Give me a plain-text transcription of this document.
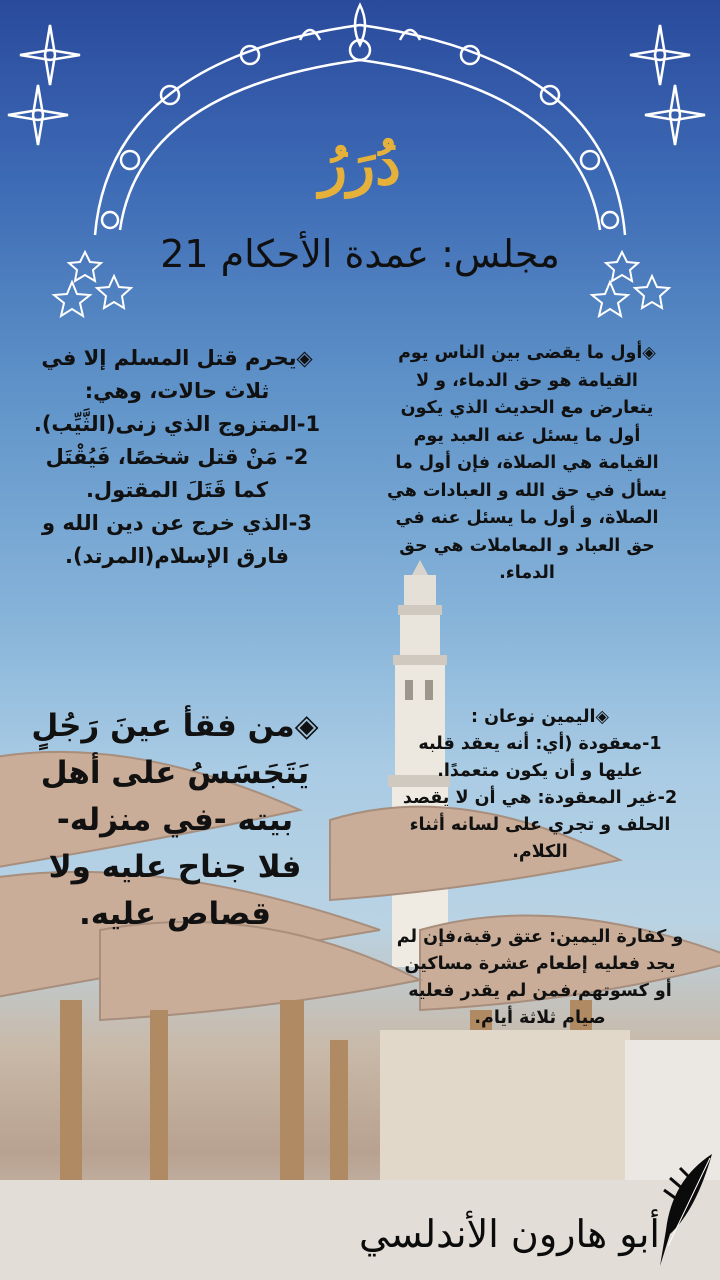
دُرَرُ
مجلس: عمدة الأحكام 21
◈أول ما يقضى بين الناس يوم
القيامة هو حق الدماء، و لا
يتعارض مع الحديث الذي يكون
أول ما يسئل عنه العبد يوم
القيامة هي الصلاة، فإن أول ما
يسأل في حق الله و العبادات هي
الصلاة، و أول ما يسئل عنه في
حق العباد و المعاملات هي حق
الدماء.
◈يحرم قتل المسلم إلا في
ثلاث حالات، وهي:
1-المتزوج الذي زنى(الثَّيِّب).
2- مَنْ قتل شخصًا، فَيُقْتَل
كما قَتَلَ المقتول.
3-الذي خرج عن دين الله و
فارق الإسلام(المرتد).
◈اليمين نوعان :
1-معقودة (أي: أنه يعقد قلبه
عليها و أن يكون متعمدًا.
2-غير المعقودة: هي أن لا يقصد
الحلف و تجري على لسانه أثناء
الكلام.
و كفارة اليمين: عتق رقبة،فإن لم
يجد فعليه إطعام عشرة مساكين
أو كسوتهم،فمن لم يقدر فعليه
صيام ثلاثة أيام.
◈من فقأ عينَ رَجُلٍ
يَتَجَسَسُ على أهل
بيته -في منزله-
فلا جناح عليه ولا
قصاص عليه.
أبو هارون الأندلسي
